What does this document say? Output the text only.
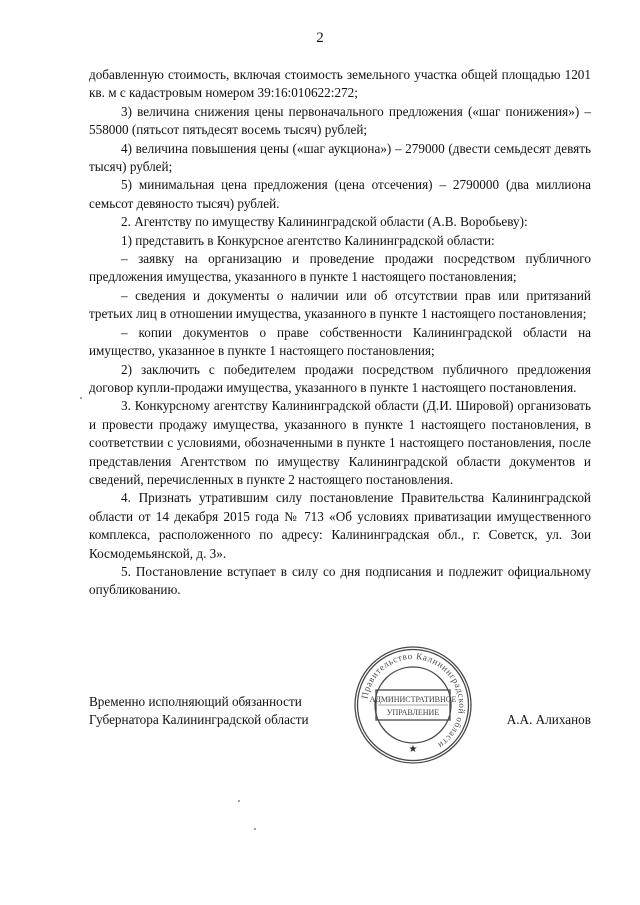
2

добавленную стоимость, включая стоимость земельного участка общей площадью 1201 кв. м с кадастровым номером 39:16:010622:272;

3) величина снижения цены первоначального предложения («шаг понижения») – 558000 (пятьсот пятьдесят восемь тысяч) рублей;

4) величина повышения цены («шаг аукциона») – 279000 (двести семьдесят девять тысяч) рублей;

5) минимальная цена предложения (цена отсечения) – 2790000 (два миллиона семьсот девяносто тысяч) рублей.

2. Агентству по имуществу Калининградской области (А.В. Воробьеву):

1) представить в Конкурсное агентство Калининградской области:

– заявку на организацию и проведение продажи посредством публичного предложения имущества, указанного в пункте 1 настоящего постановления;

– сведения и документы о наличии или об отсутствии прав или притязаний третьих лиц в отношении имущества, указанного в пункте 1 настоящего постановления;

– копии документов о праве собственности Калининградской области на имущество, указанное в пункте 1 настоящего постановления;

2) заключить с победителем продажи посредством публичного предложения договор купли-продажи имущества, указанного в пункте 1 настоящего постановления.

3. Конкурсному агентству Калининградской области (Д.И. Шировой) организовать и провести продажу имущества, указанного в пункте 1 настоящего постановления, в соответствии с условиями, обозначенными в пункте 1 настоящего постановления, после представления Агентством по имуществу Калининградской области документов и сведений, перечисленных в пункте 2 настоящего постановления.

4. Признать утратившим силу постановление Правительства Калининградской области от 14 декабря 2015 года № 713 «Об условиях приватизации имущественного комплекса, расположенного по адресу: Калининградская обл., г. Советск, ул. Зои Космодемьянской, д. 3».

5. Постановление вступает в силу со дня подписания и подлежит официальному опубликованию.

Временно исполняющий обязанности
Губернатора Калининградской области	А.А. Алиханов
Правительство Калининградской области
АДМИНИСТРАТИВНОЕ
УПРАВЛЕНИЕ
★
